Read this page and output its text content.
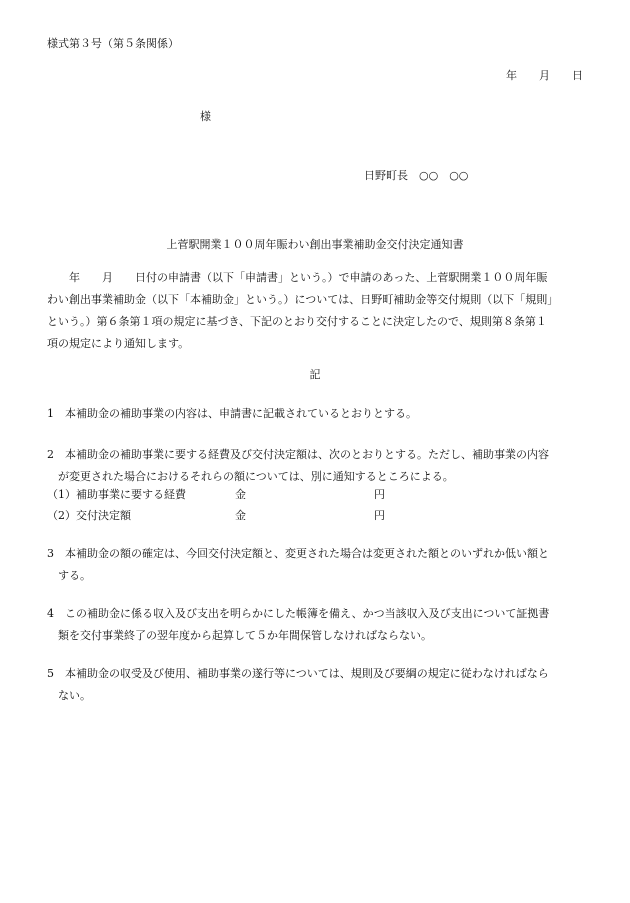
様式第３号（第５条関係）
年　　月　　日
様
日野町長　○○　○○
上菅駅開業１００周年賑わい創出事業補助金交付決定通知書
　　年　　月　　日付の申請書（以下「申請書」という。）で申請のあった、上菅駅開業１００周年賑
わい創出事業補助金（以下「本補助金」という。）については、日野町補助金等交付規則（以下「規則」
という。）第６条第１項の規定に基づき、下記のとおり交付することに決定したので、規則第８条第１
項の規定により通知します。
記
1　本補助金の補助事業の内容は、申請書に記載されているとおりとする。
2　本補助金の補助事業に要する経費及び交付決定額は、次のとおりとする。ただし、補助事業の内容
　が変更された場合におけるそれらの額については、別に通知するところによる。
（1）補助事業に要する経費	金	円
（2）交付決定額	金	円
3　本補助金の額の確定は、今回交付決定額と、変更された場合は変更された額とのいずれか低い額と
　する。
4　この補助金に係る収入及び支出を明らかにした帳簿を備え、かつ当該収入及び支出について証拠書
　類を交付事業終了の翌年度から起算して５か年間保管しなければならない。
5　本補助金の収受及び使用、補助事業の遂行等については、規則及び要綱の規定に従わなければなら
　ない。
